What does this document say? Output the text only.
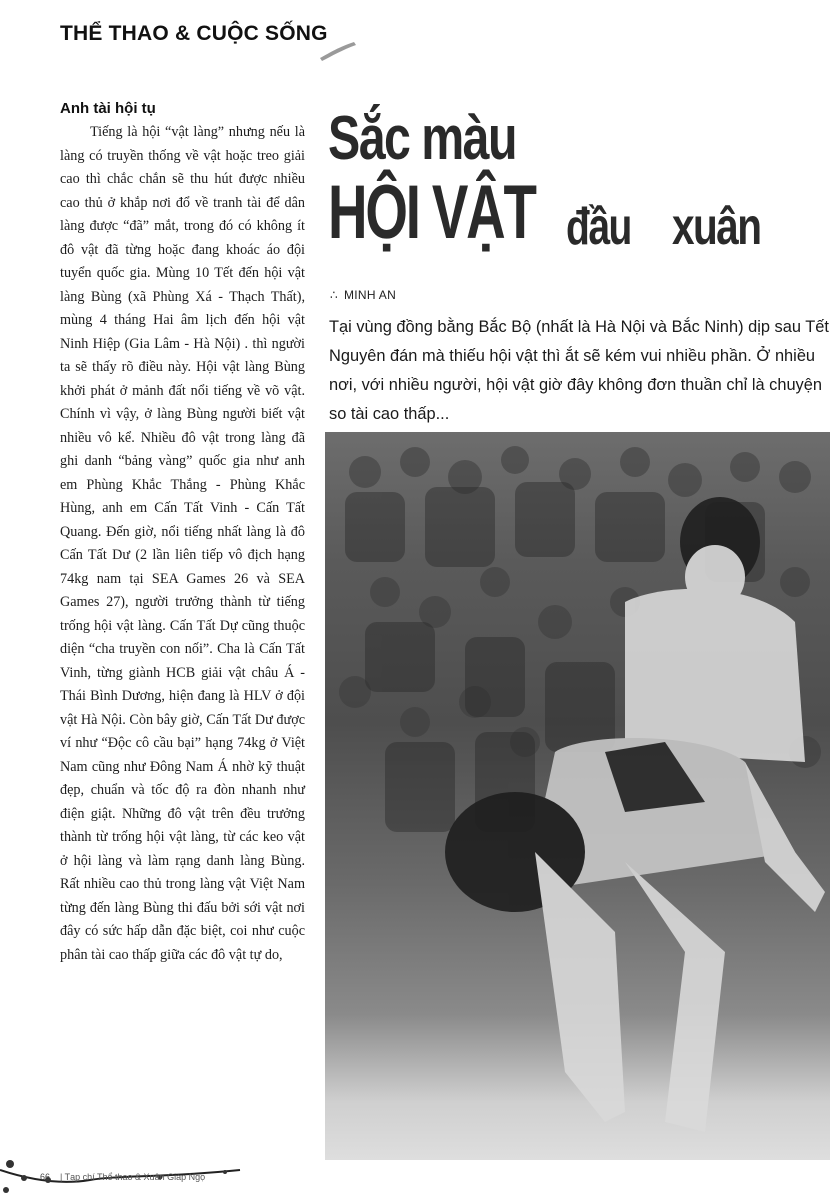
THỂ THAO & CUỘC SỐNG
Anh tài hội tụ

Tiếng là hội “vật làng” nhưng nếu là làng có truyền thống về vật hoặc treo giải cao thì chắc chắn sẽ thu hút được nhiều cao thủ ở khắp nơi đổ về tranh tài để dân làng được “đã” mắt, trong đó có không ít đô vật đã từng hoặc đang khoác áo đội tuyển quốc gia. Mùng 10 Tết đến hội vật làng Bùng (xã Phùng Xá - Thạch Thất), mùng 4 tháng Hai âm lịch đến hội vật Ninh Hiệp (Gia Lâm - Hà Nội) . thì người ta sẽ thấy rõ điều này. Hội vật làng Bùng khởi phát ở mảnh đất nổi tiếng về võ vật. Chính vì vậy, ở làng Bùng người biết vật nhiều vô kể. Nhiều đô vật trong làng đã ghi danh “bảng vàng” quốc gia như anh em Phùng Khắc Thắng - Phùng Khắc Hùng, anh em Cấn Tất Vinh - Cấn Tất Quang. Đến giờ, nổi tiếng nhất làng là đô Cấn Tất Dư (2 lần liên tiếp vô địch hạng 74kg nam tại SEA Games 26 và SEA Games 27), người trưởng thành từ tiếng trống hội vật làng. Cấn Tất Dự cũng thuộc diện “cha truyền con nối”. Cha là Cấn Tất Vinh, từng giành HCB giải vật châu Á - Thái Bình Dương, hiện đang là HLV ở đội vật Hà Nội. Còn bây giờ, Cấn Tất Dư được ví như “Độc cô cầu bại” hạng 74kg ở Việt Nam cũng như Đông Nam Á nhờ kỹ thuật đẹp, chuẩn và tốc độ ra đòn nhanh như điện giật. Những đô vật trên đều trưởng thành từ trống hội vật làng, từ các keo vật ở hội làng và làm rạng danh làng Bùng. Rất nhiều cao thủ trong làng vật Việt Nam từng đến làng Bùng thi đấu bởi sới vật nơi đây có sức hấp dẫn đặc biệt, coi như cuộc phân tài cao thấp giữa các đô vật tự do,

Sắc màu
HỘI VẬT đầu xuân
∴ MINH AN

Tại vùng đồng bằng Bắc Bộ (nhất là Hà Nội và Bắc Ninh) dịp sau Tết Nguyên đán mà thiếu hội vật thì ắt sẽ kém vui nhiều phần. Ở nhiều nơi, với nhiều người, hội vật giờ đây không đơn thuần chỉ là chuyện so tài cao thấp...

66 | Tạp chí Thể thao & Xuân Giáp Ngọ
